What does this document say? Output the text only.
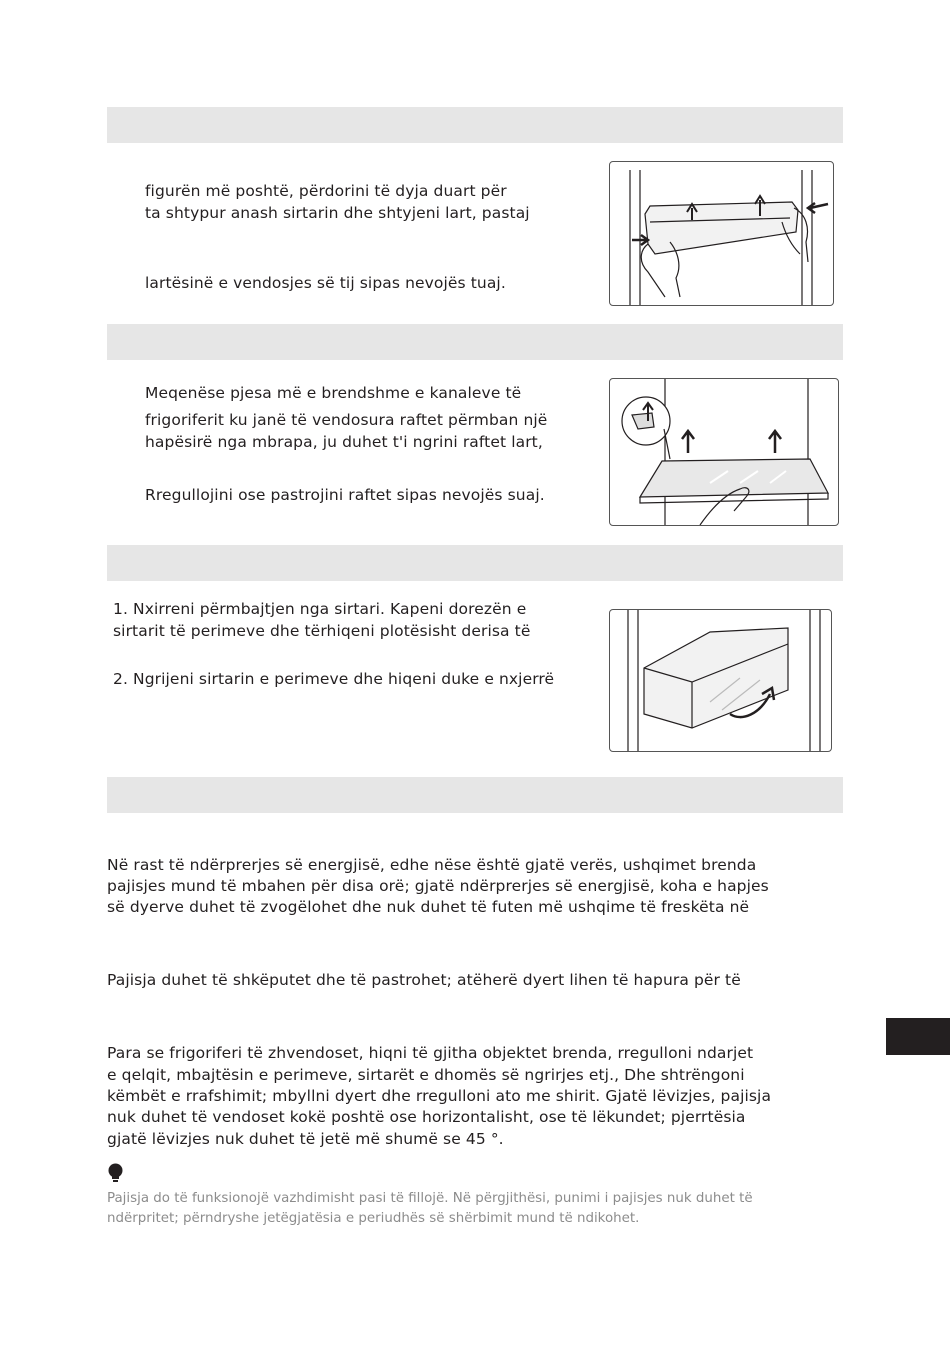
figurën më poshtë, përdorini të dyja duart për
ta shtypur anash sirtarin dhe shtyjeni lart, pastaj
lartësinë e vendosjes së tij sipas nevojës tuaj.
Meqenëse pjesa më e brendshme e kanaleve të
frigoriferit ku janë të vendosura raftet përmban një
hapësirë nga mbrapa, ju duhet t'i ngrini raftet lart,
Rregullojini ose pastrojini raftet sipas nevojës suaj.
1. Nxirreni përmbajtjen nga sirtari. Kapeni dorezën e
sirtarit të perimeve dhe tërhiqeni plotësisht derisa të
2. Ngrijeni sirtarin e perimeve dhe hiqeni duke e nxjerrë
Në rast të ndërprerjes së energjisë, edhe nëse është gjatë verës, ushqimet brenda
pajisjes mund të mbahen për disa orë; gjatë ndërprerjes së energjisë, koha e hapjes
së dyerve duhet të zvogëlohet dhe nuk duhet të futen më ushqime të freskëta në
Pajisja duhet të shkëputet dhe të pastrohet; atëherë dyert lihen të hapura për të
Para se frigoriferi të zhvendoset, hiqni të gjitha objektet brenda, rregulloni ndarjet
e qelqit, mbajtësin e perimeve, sirtarët e dhomës së ngrirjes etj., Dhe shtrëngoni
këmbët e rrafshimit; mbyllni dyert dhe rregulloni ato me shirit. Gjatë lëvizjes, pajisja
nuk duhet të vendoset kokë poshtë ose horizontalisht, ose të lëkundet; pjerrtësia
gjatë lëvizjes nuk duhet të jetë më shumë se 45 °.
Pajisja do të funksionojë vazhdimisht pasi të fillojë. Në përgjithësi, punimi i pajisjes nuk duhet të
ndërpritet; përndryshe jetëgjatësia e periudhës së shërbimit mund të ndikohet.
